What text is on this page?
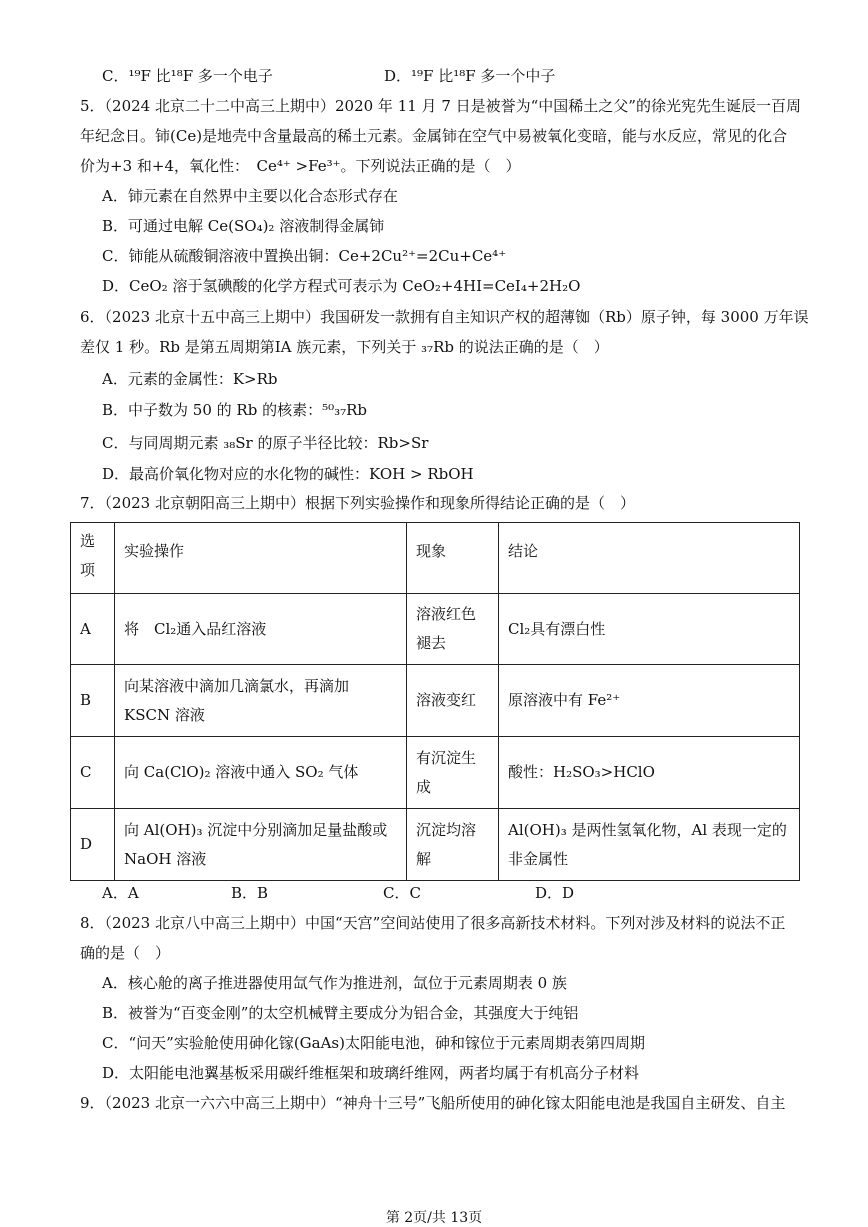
C．¹⁹F 比¹⁸F 多一个电子	D．¹⁹F 比¹⁸F 多一个中子
5．（2024 北京二十二中高三上期中）2020 年 11 月 7 日是被誉为“中国稀土之父”的徐光宪先生诞辰一百周
年纪念日。铈(Ce)是地壳中含量最高的稀土元素。金属铈在空气中易被氧化变暗，能与水反应，常见的化合
价为+3 和+4，氧化性：　Ce⁴⁺ >Fe³⁺。下列说法正确的是（　）
A．铈元素在自然界中主要以化合态形式存在
B．可通过电解 Ce(SO₄)₂ 溶液制得金属铈
C．铈能从硫酸铜溶液中置换出铜：Ce+2Cu²⁺=2Cu+Ce⁴⁺
D．CeO₂ 溶于氢碘酸的化学方程式可表示为 CeO₂+4HI=CeI₄+2H₂O
6．（2023 北京十五中高三上期中）我国研发一款拥有自主知识产权的超薄铷（Rb）原子钟，每 3000 万年误
差仅 1 秒。Rb 是第五周期第IA 族元素，下列关于 ₃₇Rb 的说法正确的是（　）
A．元素的金属性：K>Rb
B．中子数为 50 的 Rb 的核素：⁵⁰₃₇Rb
C．与同周期元素 ₃₈Sr 的原子半径比较：Rb>Sr
D．最高价氧化物对应的水化物的碱性：KOH > RbOH
7．（2023 北京朝阳高三上期中）根据下列实验操作和现象所得结论正确的是（　）
选项	实验操作	现象	结论
A	将　Cl₂通入品红溶液	溶液红色褪去	Cl₂具有漂白性
B	向某溶液中滴加几滴氯水，再滴加 KSCN 溶液	溶液变红	原溶液中有 Fe²⁺
C	向 Ca(ClO)₂ 溶液中通入 SO₂ 气体	有沉淀生成	酸性：H₂SO₃>HClO
D	向 Al(OH)₃ 沉淀中分别滴加足量盐酸或 NaOH 溶液	沉淀均溶解	Al(OH)₃ 是两性氢氧化物，Al 表现一定的非金属性
A．A	B．B	C．C	D．D
8．（2023 北京八中高三上期中）中国“天宫”空间站使用了很多高新技术材料。下列对涉及材料的说法不正
确的是（　）
A．核心舱的离子推进器使用氙气作为推进剂，氙位于元素周期表 0 族
B．被誉为“百变金刚”的太空机械臂主要成分为铝合金，其强度大于纯铝
C．“问天”实验舱使用砷化镓(GaAs)太阳能电池，砷和镓位于元素周期表第四周期
D．太阳能电池翼基板采用碳纤维框架和玻璃纤维网，两者均属于有机高分子材料
9．（2023 北京一六六中高三上期中）“神舟十三号”飞船所使用的砷化镓太阳能电池是我国自主研发、自主
第 2页/共 13页
